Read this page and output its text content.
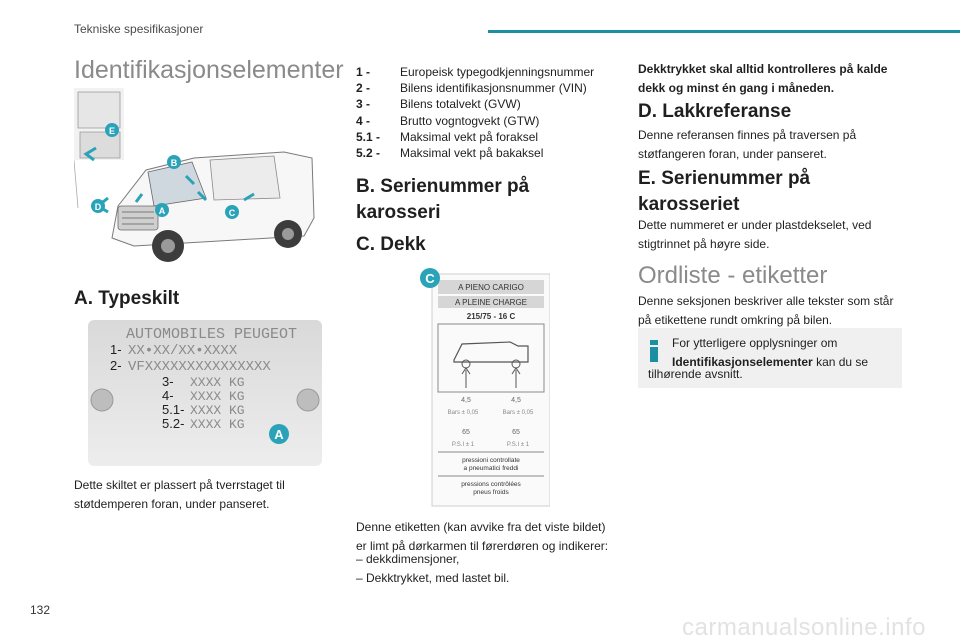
Tekniske spesifikasjoner
Identifikasjonselementer
E
B
D	A	C
A. Typeskilt
AUTOMOBILES PEUGEOT
1- XX•XX/XX•XXXX
2- VFXXXXXXXXXXXXXXX
3- XXXX KG
4- XXXX KG
5.1- XXXX KG
5.2- XXXX KG
A

Dette skiltet er plassert på tverrstaget til støtdemperen foran, under panseret.

1 -	Europeisk typegodkjenningsnummer
2 -	Bilens identifikasjonsnummer (VIN)
3 -	Bilens totalvekt (GVW)
4 -	Brutto vogntogvekt (GTW)
5.1 -	Maksimal vekt på foraksel
5.2 -	Maksimal vekt på bakaksel
B. Serienummer på karosseri
C. Dekk
A PIENO CARIGO
A PLEINE CHARGE
215/75 - 16 C
4,5	4,5
Bars ± 0,05	Bars ± 0,05
65	65
P.S.I ± 1	P.S.I ± 1
pressioni controllate
a pneumatici freddi
pressions contrôlées
pneus froids
C

Denne etiketten (kan avvike fra det viste bildet) er limt på dørkarmen til førerdøren og indikerer:

– dekkdimensjoner,
– Dekktrykket, med lastet bil.

Dekktrykket skal alltid kontrolleres på kalde dekk og minst én gang i måneden.

D. Lakkreferanse

Denne referansen finnes på traversen på støtfangeren foran, under panseret.

E. Serienummer på karosseriet

Dette nummeret er under plastdekselet, ved stigtrinnet på høyre side.

Ordliste - etiketter

Denne seksjonen beskriver alle tekster som står på etikettene rundt omkring på bilen.

For ytterligere opplysninger om
Identifikasjonselementer kan du se
tilhørende avsnitt.
132
carmanualsonline.info
